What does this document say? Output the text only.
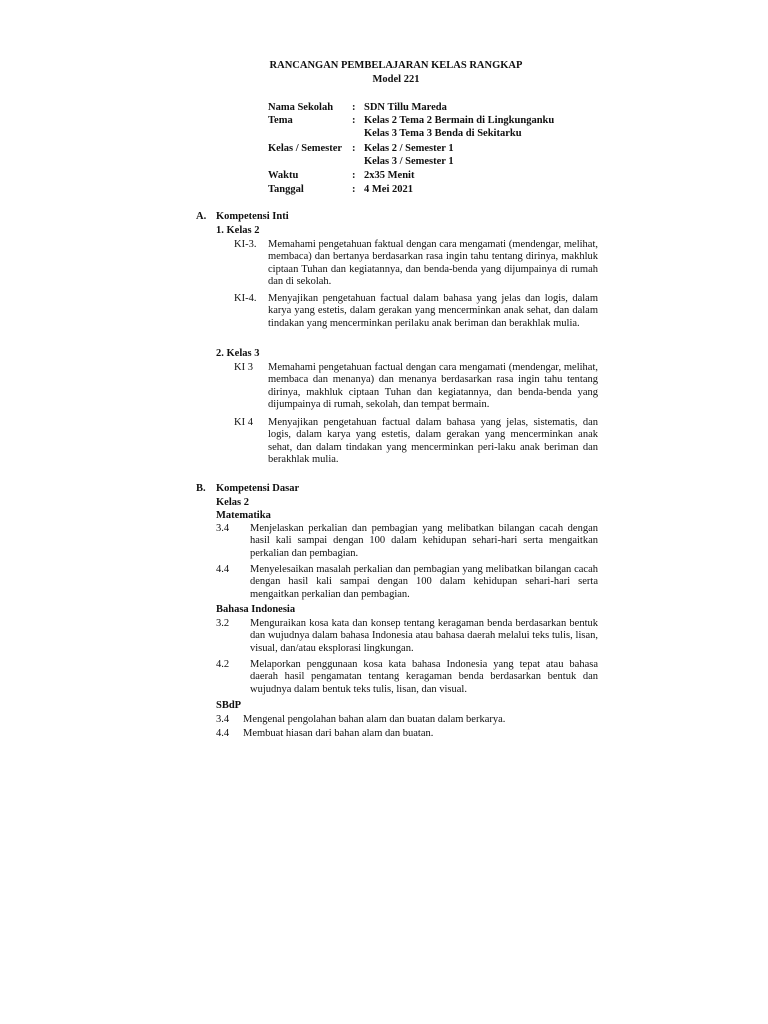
RANCANGAN PEMBELAJARAN KELAS RANGKAP
Model 221
Nama Sekolah : SDN Tillu Mareda
Tema	: Kelas 2 Tema 2 Bermain di Lingkunganku
Kelas 3 Tema 3 Benda di Sekitarku
Kelas / Semester : Kelas 2 / Semester 1
Kelas 3 / Semester 1
Waktu	: 2x35 Menit
Tanggal	: 4 Mei 2021
A. Kompetensi Inti
1. Kelas 2
KI-3. Memahami pengetahuan faktual dengan cara mengamati (mendengar, melihat, membaca) dan bertanya berdasarkan rasa ingin tahu tentang dirinya, makhluk ciptaan Tuhan dan kegiatannya, dan benda-benda yang dijumpainya di rumah dan di sekolah.
KI-4. Menyajikan pengetahuan factual dalam bahasa yang jelas dan logis, dalam karya yang estetis, dalam gerakan yang mencerminkan anak sehat, dan dalam tindakan yang mencerminkan perilaku anak beriman dan berakhlak mulia.
2. Kelas 3
KI 3 Memahami pengetahuan factual dengan cara mengamati (mendengar, melihat, membaca dan menanya) dan menanya berdasarkan rasa ingin tahu tentang dirinya, makhluk ciptaan Tuhan dan kegiatannya, dan benda-benda yang dijumpainya di rumah, sekolah, dan tempat bermain.
KI 4 Menyajikan pengetahuan factual dalam bahasa yang jelas, sistematis, dan logis, dalam karya yang estetis, dalam gerakan yang mencerminkan anak sehat, dan dalam tindakan yang mencerminkan peri-laku anak beriman dan berakhlak mulia.
B. Kompetensi Dasar
Kelas 2
Matematika
3.4 Menjelaskan perkalian dan pembagian yang melibatkan bilangan cacah dengan hasil kali sampai dengan 100 dalam kehidupan sehari-hari serta mengaitkan perkalian dan pembagian.
4.4 Menyelesaikan masalah perkalian dan pembagian yang melibatkan bilangan cacah dengan hasil kali sampai dengan 100 dalam kehidupan sehari-hari serta mengaitkan perkalian dan pembagian.
Bahasa Indonesia
3.2 Menguraikan kosa kata dan konsep tentang keragaman benda berdasarkan bentuk dan wujudnya dalam bahasa Indonesia atau bahasa daerah melalui teks tulis, lisan, visual, dan/atau eksplorasi lingkungan.
4.2 Melaporkan penggunaan kosa kata bahasa Indonesia yang tepat atau bahasa daerah hasil pengamatan tentang keragaman benda berdasarkan bentuk dan wujudnya dalam bentuk teks tulis, lisan, dan visual.
SBdP
3.4 Mengenal pengolahan bahan alam dan buatan dalam berkarya.
4.4 Membuat hiasan dari bahan alam dan buatan.
